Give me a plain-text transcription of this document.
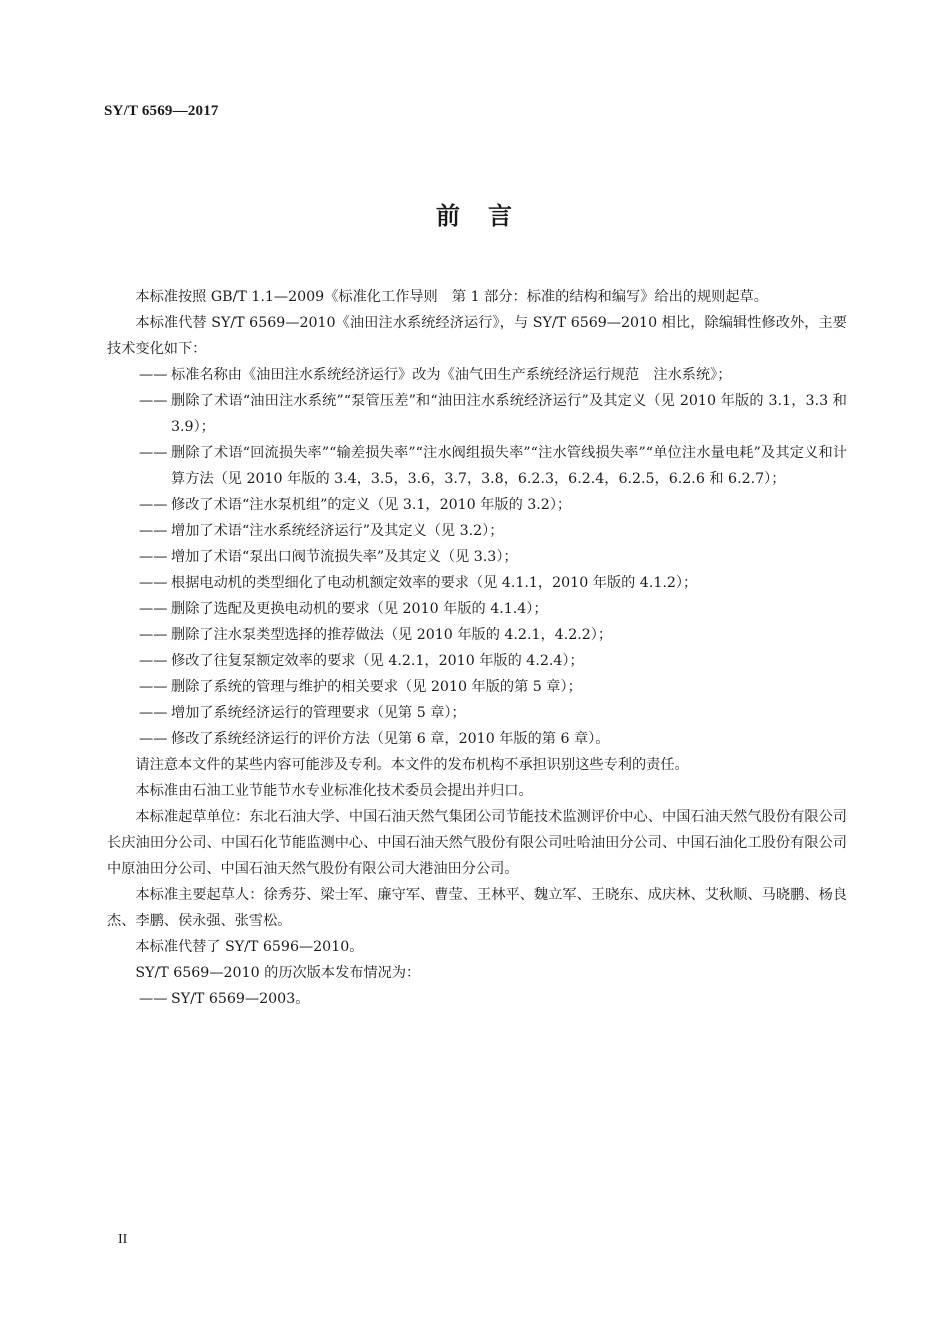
SY/T 6569—2017
前　言

本标准按照 GB/T 1.1—2009《标准化工作导则　第 1 部分：标准的结构和编写》给出的规则起草。

本标准代替 SY/T 6569—2010《油田注水系统经济运行》，与 SY/T 6569—2010 相比，除编辑性修改外，主要技术变化如下：

—— 标准名称由《油田注水系统经济运行》改为《油气田生产系统经济运行规范　注水系统》；

—— 删除了术语“油田注水系统”“泵管压差”和“油田注水系统经济运行”及其定义（见 2010 年版的 3.1，3.3 和 3.9）；

—— 删除了术语“回流损失率”“输差损失率”“注水阀组损失率”“注水管线损失率”“单位注水量电耗”及其定义和计算方法（见 2010 年版的 3.4，3.5，3.6，3.7，3.8，6.2.3，6.2.4，6.2.5，6.2.6 和 6.2.7）；

—— 修改了术语“注水泵机组”的定义（见 3.1，2010 年版的 3.2）；

—— 增加了术语“注水系统经济运行”及其定义（见 3.2）；

—— 增加了术语“泵出口阀节流损失率”及其定义（见 3.3）；

—— 根据电动机的类型细化了电动机额定效率的要求（见 4.1.1，2010 年版的 4.1.2）；

—— 删除了选配及更换电动机的要求（见 2010 年版的 4.1.4）；

—— 删除了注水泵类型选择的推荐做法（见 2010 年版的 4.2.1，4.2.2）；

—— 修改了往复泵额定效率的要求（见 4.2.1，2010 年版的 4.2.4）；

—— 删除了系统的管理与维护的相关要求（见 2010 年版的第 5 章）；

—— 增加了系统经济运行的管理要求（见第 5 章）；

—— 修改了系统经济运行的评价方法（见第 6 章，2010 年版的第 6 章）。

请注意本文件的某些内容可能涉及专利。本文件的发布机构不承担识别这些专利的责任。

本标准由石油工业节能节水专业标准化技术委员会提出并归口。

本标准起草单位：东北石油大学、中国石油天然气集团公司节能技术监测评价中心、中国石油天然气股份有限公司长庆油田分公司、中国石化节能监测中心、中国石油天然气股份有限公司吐哈油田分公司、中国石油化工股份有限公司中原油田分公司、中国石油天然气股份有限公司大港油田分公司。

本标准主要起草人：徐秀芬、梁士军、廉守军、曹莹、王林平、魏立军、王晓东、成庆林、艾秋顺、马晓鹏、杨良杰、李鹏、侯永强、张雪松。

本标准代替了 SY/T 6596—2010。

SY/T 6569—2010 的历次版本发布情况为：

—— SY/T 6569—2003。

II
